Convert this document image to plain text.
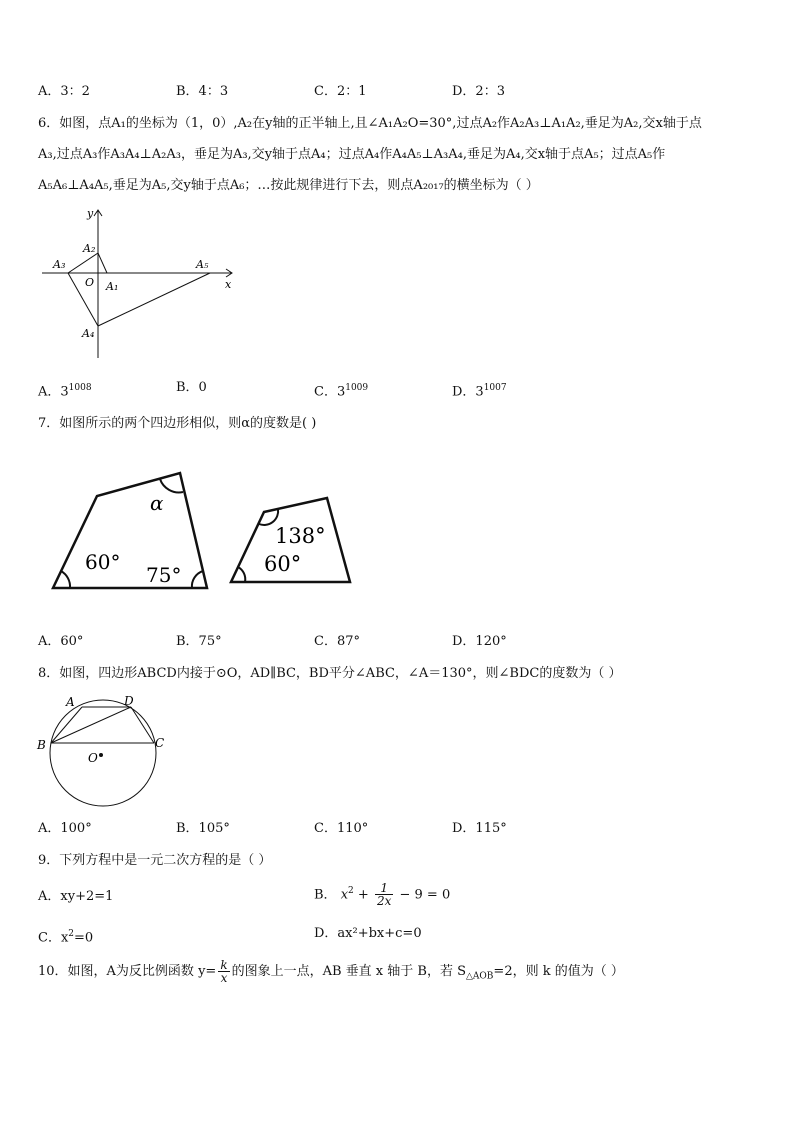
A．3：2	B．4：3	C．2：1	D．2：3
6．如图，点A₁的坐标为（1，0）,A₂在y轴的正半轴上,且∠A₁A₂O=30°,过点A₂作A₂A₃⊥A₁A₂,垂足为A₂,交x轴于点
A₃,过点A₃作A₃A₄⊥A₂A₃，垂足为A₃,交y轴于点A₄；过点A₄作A₄A₅⊥A₃A₄,垂足为A₄,交x轴于点A₅；过点A₅作
A₅A₆⊥A₄A₅,垂足为A₅,交y轴于点A₆；…按此规律进行下去，则点A₂₀₁₇的横坐标为（ ）
y
x
O A₁
A₂
A₃
A₄
A₅
A．$3^{1008}$	B．0	C．$3^{1009}$	D．$3^{1007}$
7．如图所示的两个四边形相似，则α的度数是( )
α
60°
75°
138°
60°
A．60°	B．75°	C．87°	D．120°
8．如图，四边形ABCD内接于⊙O，AD∥BC，BD平分∠ABC，∠A＝130°，则∠BDC的度数为（ ）
A
B	C
D
O
A．100°	B．105°	C．110°	D．115°
9．下列方程中是一元二次方程的是（ ）
A．xy+2=1	B． $x^2 + \frac{1}{2x} - 9 = 0$
C．$x^2=0$	D．ax²+bx+c=0
10．如图，A为反比例函数 $y= \frac{k}{x}$ 的图象上一点，AB 垂直 x 轴于 B，若 $S_{\triangle AOB}=2$，则 k 的值为（ ）
